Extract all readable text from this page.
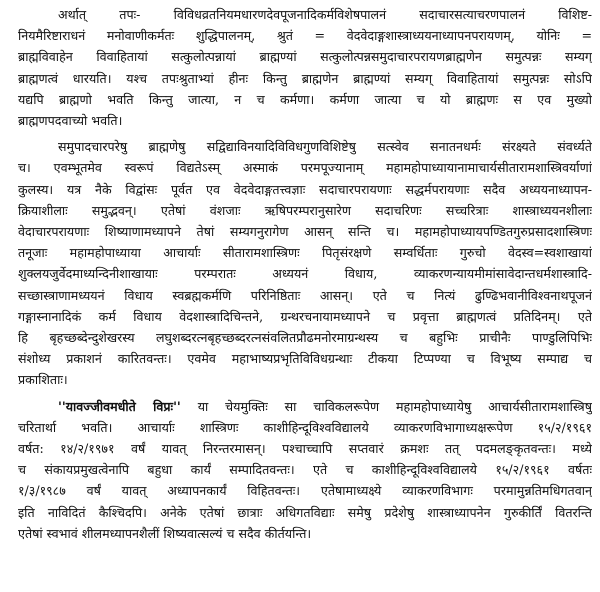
अर्थात् तपः- विविधव्रतनियमधारणदेवपूजनादिकर्मविशेषपालनं सदाचारसत्याचरणपालनं विशिष्ट-
नियमैरिष्टाराधनं मनोवाणीकर्मतः शुद्धिपालनम्, श्रुतं = वेदवेदाङ्गशास्त्राध्ययनाध्यापनपरायणम्, योनिः =
ब्राह्मविवाहेन विवाहितायां सत्कुलोत्पन्नायां ब्राह्मण्यां सत्कुलोत्पन्नसमुदाचारपरायणब्राह्मणेन समुत्पन्नः सम्यग्
ब्राह्मणत्वं धारयति। यश्च तपःश्रुताभ्यां हीनः किन्तु ब्राह्मणेन ब्राह्मण्यां सम्यग् विवाहितायां समुत्पन्नः सोऽपि
यद्यपि ब्राह्मणो भवति किन्तु जात्या, न च कर्मणा। कर्मणा जात्या च यो ब्राह्मणः स एव मुख्यो
ब्राह्मणपदवाच्यो भवति।
समुपादचारपरेषु ब्राह्मणेषु सद्विद्याविनयादिविविधगुणविशिष्टेषु सत्स्वेव सनातनधर्मः संरक्ष्यते संवर्ध्यते
च। एवम्भूतमेव स्वरूपं विद्यतेऽस्म् अस्माकं परमपूज्यानाम् महामहोपाध्यायानामाचार्यसीतारामशास्त्रिवर्याणां
कुलस्य। यत्र नैके विद्वांसः पूर्वत एव वेदवेदाङ्गतत्त्वज्ञाः सदाचारपरायणाः सद्धर्मपरायणाः सदैव अध्ययनाध्यापन-
क्रियाशीलाः समुद्भवन्। एतेषां वंशजाः ऋषिपरम्परानुसारेण सदाचरिणः सच्चरित्राः शास्त्राध्ययनशीलाः
वेदाचारपरायणाः शिष्याणामध्यापने तेषां सम्यगनुरागेण आसन् सन्ति च। महामहोपाध्यायपण्डितगुरुप्रसादशास्त्रिणः
तनूजाः महामहोपाध्याया आचार्याः सीतारामशास्त्रिणः पितृसंरक्षणे सम्वर्धिताः गुरुचो वेदस्व=स्वशाखायां
शुक्लयजुर्वेदमाध्यन्दिनीशाखायाः परम्परातः अध्ययनं विधाय, व्याकरणन्यायमीमांसावेदान्तधर्मशास्त्रादि-
सच्छास्त्राणामध्ययनं विधाय स्वब्रह्मकर्मणि परिनिष्ठिताः आसन्। एते च नित्यं ढुण्ढिभवानीविश्वनाथपूजनं
गङ्गास्नानादिकं कर्म विधाय वेदशास्त्रादिचिन्तने, ग्रन्थरचनायामध्यापने च प्रवृत्ता ब्राह्मणत्वं प्रतिदिनम्। एते
हि बृहच्छब्देन्दुशेखरस्य लघुशब्दरत्नबृहच्छब्दरत्नसंवलितप्रौढमनोरमाग्रन्थस्य च बहुभिः प्राचीनैः पाण्डुलिपिभिः
संशोध्य प्रकाशनं कारितवन्तः। एवमेव महाभाष्यप्रभृतिविविधग्रन्थाः टीकया टिप्पण्या च विभूष्य सम्पाद्य च
प्रकाशिताः।
''यावज्जीवमधीते विप्रः'' या चेयमुक्तिः सा चाविकलरूपेण महामहोपाध्यायेषु आचार्यसीतारामशास्त्रिषु
चरितार्था भवति। आचार्याः शास्त्रिणः काशीहिन्दूविश्वविद्यालये व्याकरणविभागाध्यक्षरूपेण १५/२/१९६१
वर्षत: १४/२/१९७१ वर्षं यावत् निरन्तरमासन्। पश्चाच्चापि सप्तवारं क्रमशः तत् पदमलङ्कृतवन्तः। मध्ये
च संकायप्रमुखत्वेनापि बहुधा कार्यं सम्पादितवन्तः। एते च काशीहिन्दूविश्वविद्यालये १५/२/१९६१ वर्षतः
१/३/१९८७ वर्षं यावत् अध्यापनकार्यं विहितवन्तः। एतेषामाध्यक्ष्ये व्याकरणविभागः परमामुन्नतिमधिगतवान्
इति नाविदितं कैश्चिदपि। अनेके एतेषां छात्राः अधिगतविद्याः समेषु प्रदेशेषु शास्त्राध्यापनेन गुरुकीर्तिं वितरन्ति
एतेषां स्वभावं शीलमध्यापनशैलीं शिष्यवात्सल्यं च सदैव कीर्तयन्ति।
